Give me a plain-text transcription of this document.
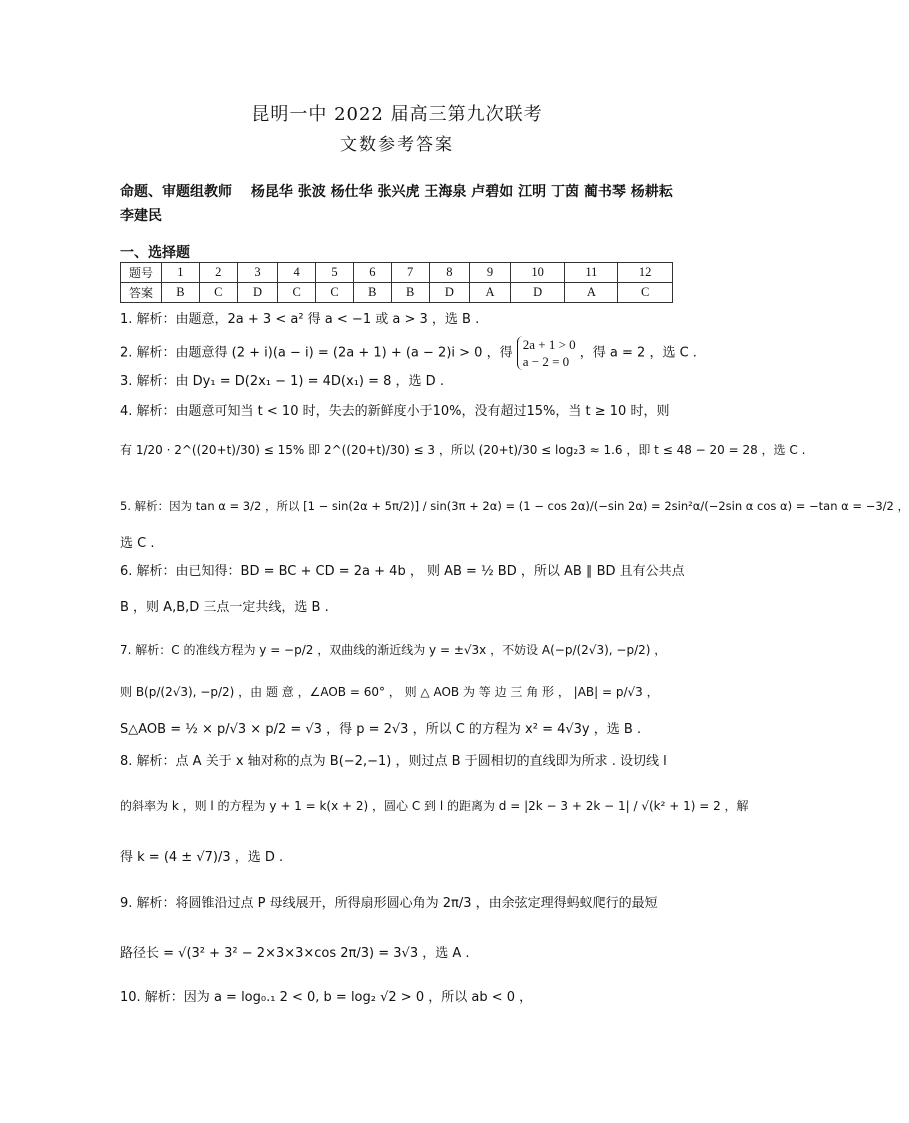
昆明一中 2022 届高三第九次联考
文数参考答案
命题、审题组教师　 杨昆华 张波 杨仕华 张兴虎 王海泉 卢碧如 江明 丁茵 蔺书琴 杨耕耘 李建民
一、选择题
题号	1	2	3	4	5	6	7	8	9	10	11	12
答案	B	C	D	C	C	B	B	D	A	D	A	C
1. 解析：由题意，2a + 3 < a² 得 a < −1 或 a > 3 ，选 B .
2. 解析：由题意得 (2 + i)(a − i) = (2a + 1) + (a − 2)i > 0 ，得 2a + 1 > 0
a − 2 = 0 ，得 a = 2 ，选 C .
3. 解析：由 Dy₁ = D(2x₁ − 1) = 4D(x₁) = 8 ，选 D .
4. 解析：由题意可知当 t < 10 时，失去的新鲜度小于10%，没有超过15%，当 t ≥ 10 时，则
有 1/20 · 2^((20+t)/30) ≤ 15% 即 2^((20+t)/30) ≤ 3 ，所以 (20+t)/30 ≤ log₂3 ≈ 1.6 ，即 t ≤ 48 − 20 = 28 ，选 C .
5. 解析：因为 tan α = 3/2 ，所以 [1 − sin(2α + 5π/2)] / sin(3π + 2α) = (1 − cos 2α)/(−sin 2α) = 2sin²α/(−2sin α cos α) = −tan α = −3/2 ，
选 C .
6. 解析：由已知得：BD = BC + CD = 2a + 4b ， 则 AB = ½ BD ，所以 AB ∥ BD 且有公共点
B ，则 A,B,D 三点一定共线，选 B .
7. 解析：C 的准线方程为 y = −p/2 ，双曲线的渐近线为 y = ±√3x ，不妨设 A(−p/(2√3), −p/2) ，
则 B(p/(2√3), −p/2) ，由 题 意 ，∠AOB = 60° ， 则 △ AOB 为 等 边 三 角 形 ， |AB| = p/√3 ，
S△AOB = ½ × p/√3 × p/2 = √3 ，得 p = 2√3 ，所以 C 的方程为 x² = 4√3y ，选 B .
8. 解析：点 A 关于 x 轴对称的点为 B(−2,−1) ，则过点 B 于圆相切的直线即为所求 . 设切线 l
的斜率为 k ，则 l 的方程为 y + 1 = k(x + 2) ，圆心 C 到 l 的距离为 d = |2k − 3 + 2k − 1| / √(k² + 1) = 2 ，解
得 k = (4 ± √7)/3 ，选 D .
9. 解析：将圆锥沿过点 P 母线展开，所得扇形圆心角为 2π/3 ，由余弦定理得蚂蚁爬行的最短
路径长 = √(3² + 3² − 2×3×3×cos 2π/3) = 3√3 ，选 A .
10. 解析：因为 a = log₀.₁ 2 < 0, b = log₂ √2 > 0 ，所以 ab < 0 ，
